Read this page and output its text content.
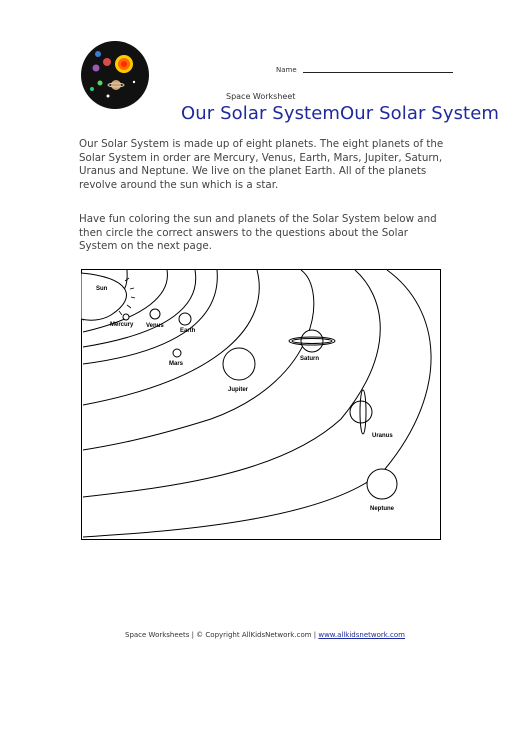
Name
Space Worksheet
Our Solar SystemOur Solar System

Our Solar System is made up of eight planets. The eight planets of the Solar System in order are Mercury, Venus, Earth, Mars, Jupiter, Saturn, Uranus and Neptune. We live on the planet Earth. All of the planets revolve around the sun which is a star.

Have fun coloring the sun and planets of the Solar System below and then circle the correct answers to the questions about the Solar System on the next page.

Sun
Mercury Venus
Earth
Mars
Jupiter
Saturn
Uranus
Neptune
Space Worksheets | © Copyright AllKidsNetwork.com | www.allkidsnetwork.com
